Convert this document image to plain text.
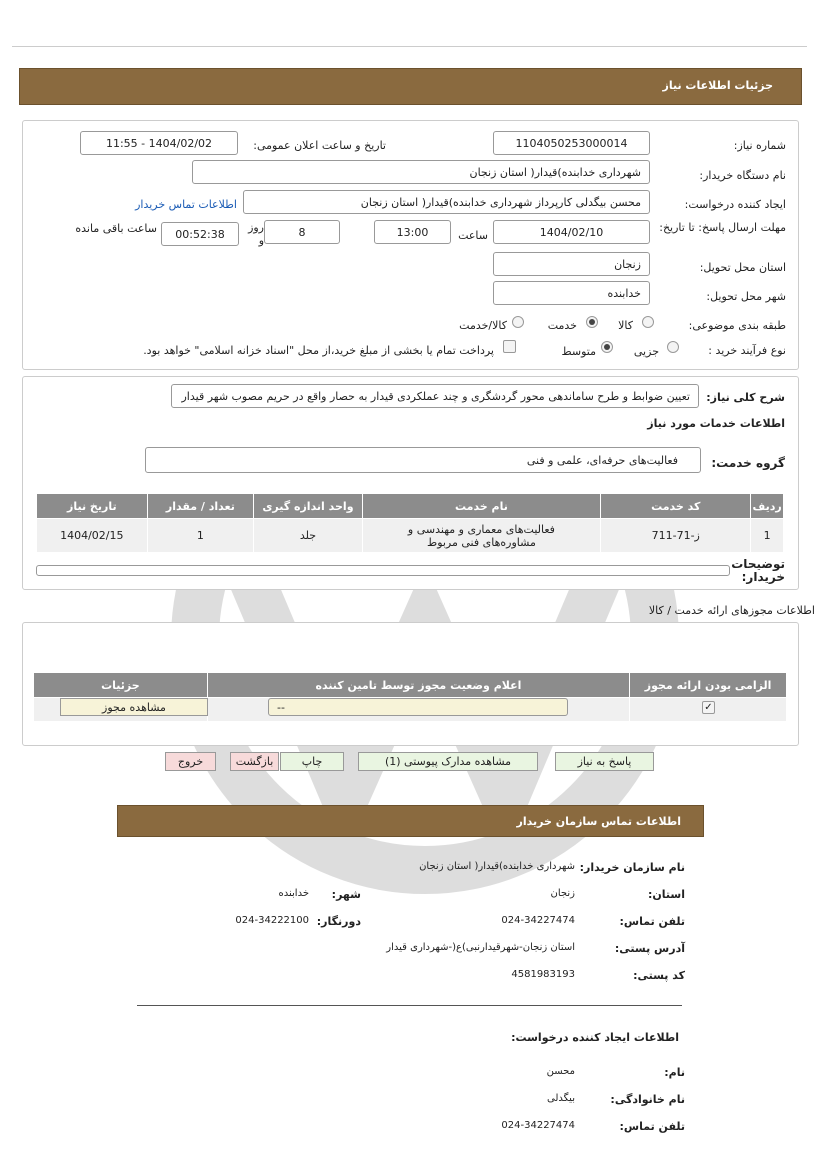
جزئیات اطلاعات نیاز
شماره نیاز:
1104050253000014
تاریخ و ساعت اعلان عمومی:
1404/02/02 - 11:55
نام دستگاه خریدار:
شهرداری خدابنده)قیدار( استان زنجان
ایجاد کننده درخواست:
محسن بیگدلی کارپرداز شهرداری خدابنده)قیدار( استان زنجان
اطلاعات تماس خریدار
مهلت ارسال پاسخ: تا تاریخ:
1404/02/10
ساعت
13:00
8
روز و
00:52:38
ساعت باقی مانده
استان محل تحویل:
زنجان
شهر محل تحویل:
خدابنده
طبقه بندی موضوعی:
کالا
خدمت
کالا/خدمت
نوع فرآیند خرید :
جزیی
متوسط
پرداخت تمام یا بخشی از مبلغ خرید،از محل "اسناد خزانه اسلامی" خواهد بود.
شرح کلی نیاز:
تعیین ضوابط و طرح ساماندهی محور گردشگری و چند عملکردی قیدار به حصار واقع در حریم مصوب شهر قیدار
اطلاعات خدمات مورد نیاز
گروه خدمت:
فعالیت‌های حرفه‌ای، علمی و فنی
ردیف	کد خدمت	نام خدمت	واحد اندازه گیری	تعداد / مقدار	تاریخ نیاز
1	ز-71-711	فعالیت‌های معماری و مهندسی و مشاوره‌های فنی مربوط	جلد	1	1404/02/15
توضیحات خریدار:
اطلاعات مجوزهای ارائه خدمت / کالا
الزامی بودن ارائه مجوز	اعلام وضعیت مجوز توسط تامین کننده	جزئیات

✓
--
مشاهده مجوز
پاسخ به نیاز
مشاهده مدارک پیوستی (1)
چاپ
بازگشت
خروج
اطلاعات تماس سازمان خریدار
نام سازمان خریدار:
شهرداری خدابنده)قیدار( استان زنجان
استان:
زنجان
شهر:
خدابنده
تلفن تماس:
024-34227474
دورنگار:
024-34222100
آدرس پستی:
استان زنجان-شهرقیدارنبی)ع(-شهرداری قیدار
کد پستی:
4581983193
اطلاعات ایجاد کننده درخواست:
نام:
محسن
نام خانوادگی:
بیگدلی
تلفن تماس:
024-34227474
